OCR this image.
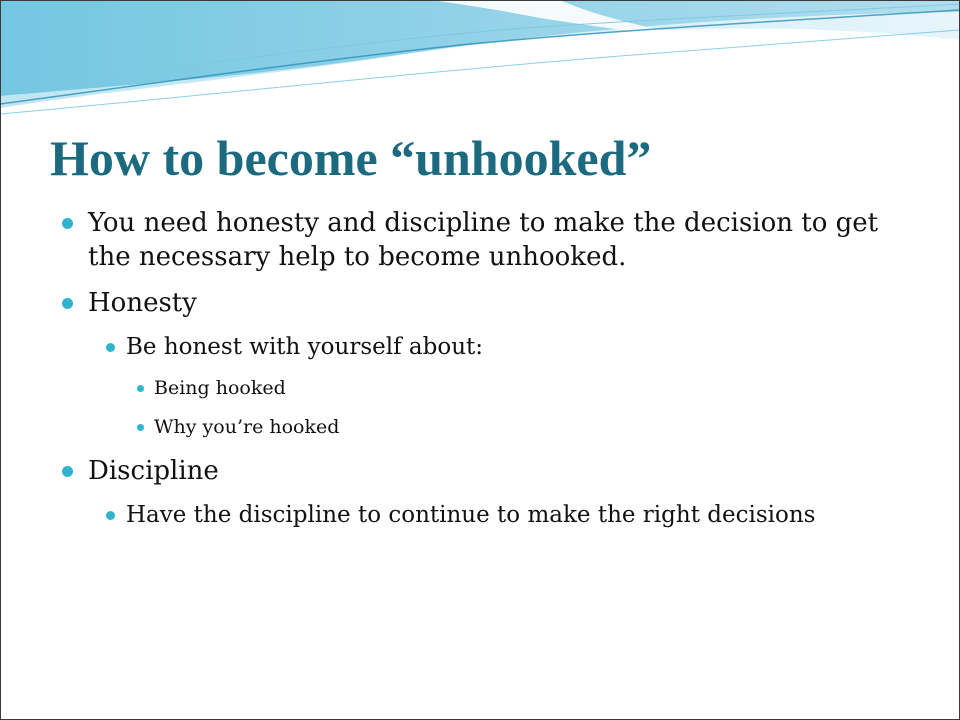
How to become “unhooked”
You need honesty and discipline to make the decision to get the necessary help to become unhooked.
Honesty
Be honest with yourself about:
Being hooked
Why you’re hooked
Discipline
Have the discipline to continue to make the right decisions
